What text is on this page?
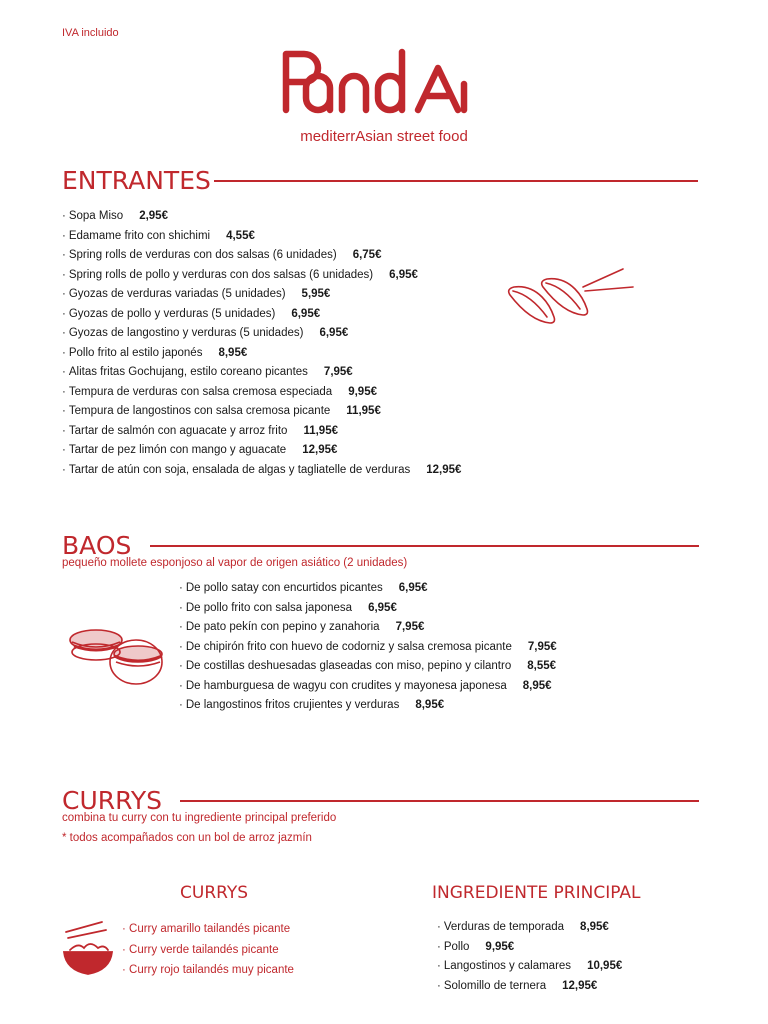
IVA incluido
mediterrAsian street food
ENTRANTES
· Sopa Miso 2,95€
· Edamame frito con shichimi 4,55€
· Spring rolls de verduras con dos salsas (6 unidades) 6,75€
· Spring rolls de pollo y verduras con dos salsas (6 unidades) 6,95€
· Gyozas de verduras variadas (5 unidades) 5,95€
· Gyozas de pollo y verduras (5 unidades) 6,95€
· Gyozas de langostino y verduras (5 unidades) 6,95€
· Pollo frito al estilo japonés 8,95€
· Alitas fritas Gochujang, estilo coreano picantes 7,95€
· Tempura de verduras con salsa cremosa especiada 9,95€
· Tempura de langostinos con salsa cremosa picante 11,95€
· Tartar de salmón con aguacate y arroz frito 11,95€
· Tartar de pez limón con mango y aguacate 12,95€
· Tartar de atún con soja, ensalada de algas y tagliatelle de verduras 12,95€
BAOS
pequeño mollete esponjoso al vapor de origen asiático (2 unidades)
· De pollo satay con encurtidos picantes 6,95€
· De pollo frito con salsa japonesa 6,95€
· De pato pekín con pepino y zanahoria 7,95€
· De chipirón frito con huevo de codorniz y salsa cremosa picante 7,95€
· De costillas deshuesadas glaseadas con miso, pepino y cilantro 8,55€
· De hamburguesa de wagyu con crudites y mayonesa japonesa 8,95€
· De langostinos fritos crujientes y verduras 8,95€
CURRYS
combina tu curry con tu ingrediente principal preferido
* todos acompañados con un bol de arroz jazmín
CURRYS
· Curry amarillo tailandés picante
· Curry verde tailandés picante
· Curry rojo tailandés muy picante
INGREDIENTE PRINCIPAL
· Verduras de temporada 8,95€
· Pollo 9,95€
· Langostinos y calamares 10,95€
· Solomillo de ternera 12,95€
